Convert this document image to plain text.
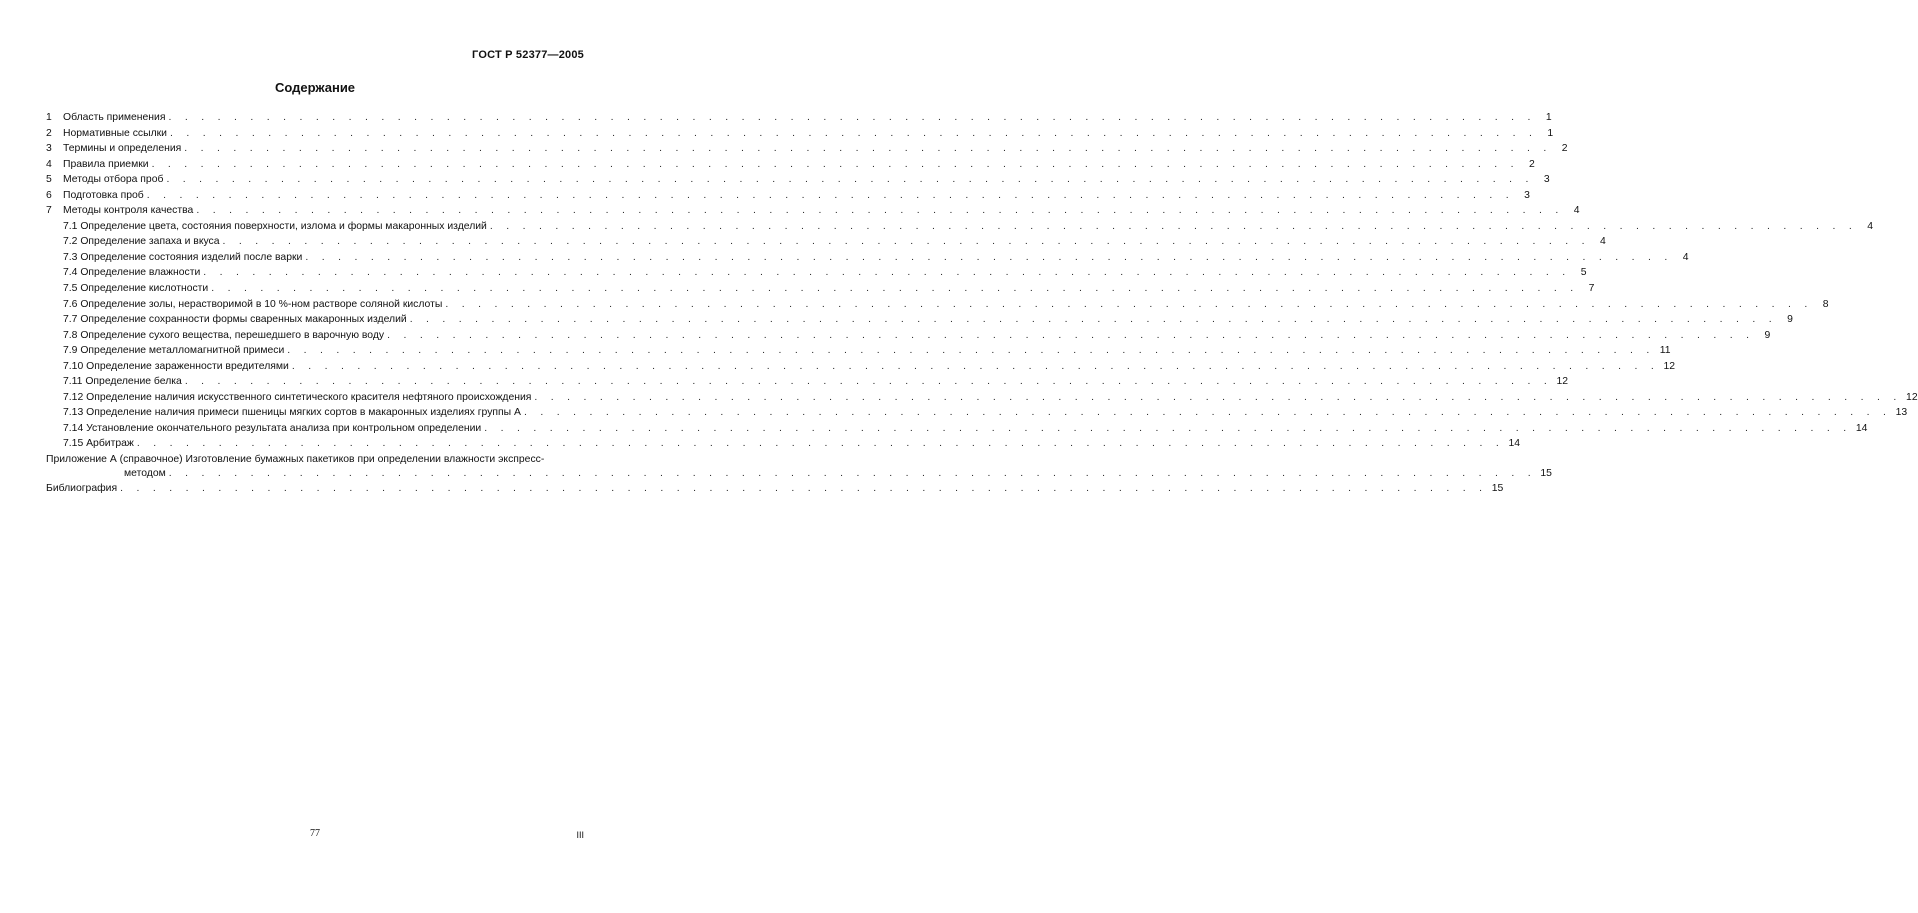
ГОСТ Р 52377—2005
Содержание
1 Область применения . . . . . . . . . . . . . . . . . . . . . . . . . . . . . . . . . . . . . . . . . . . . . . . . . . . . . . . . . . . . . . . . . . . . . . . . . . . . . . . . . . . . 1
2 Нормативные ссылки . . . . . . . . . . . . . . . . . . . . . . . . . . . . . . . . . . . . . . . . . . . . . . . . . . . . . . . . . . . . . . . . . . . . . . . . . . . . . . . . . . . . 1
3 Термины и определения . . . . . . . . . . . . . . . . . . . . . . . . . . . . . . . . . . . . . . . . . . . . . . . . . . . . . . . . . . . . . . . . . . . . . . . . . . . . . . . . . . . . 2
4 Правила приемки . . . . . . . . . . . . . . . . . . . . . . . . . . . . . . . . . . . . . . . . . . . . . . . . . . . . . . . . . . . . . . . . . . . . . . . . . . . . . . . . . . . . 2
5 Методы отбора проб . . . . . . . . . . . . . . . . . . . . . . . . . . . . . . . . . . . . . . . . . . . . . . . . . . . . . . . . . . . . . . . . . . . . . . . . . . . . . . . . . . . . 3
6 Подготовка проб . . . . . . . . . . . . . . . . . . . . . . . . . . . . . . . . . . . . . . . . . . . . . . . . . . . . . . . . . . . . . . . . . . . . . . . . . . . . . . . . . . . . 3
7 Методы контроля качества . . . . . . . . . . . . . . . . . . . . . . . . . . . . . . . . . . . . . . . . . . . . . . . . . . . . . . . . . . . . . . . . . . . . . . . . . . . . . . . . . . . . 4
7.1 Определение цвета, состояния поверхности, излома и формы макаронных изделий . . . . . . . . . . . . . . . . . . . . . . . . . . . . . . . . . . . . . . . . . . . . . . . . . . . . . . . . . . . . . . . . . . . . . . . . . . . . . . . . . . . . 4
7.2 Определение запаха и вкуса . . . . . . . . . . . . . . . . . . . . . . . . . . . . . . . . . . . . . . . . . . . . . . . . . . . . . . . . . . . . . . . . . . . . . . . . . . . . . . . . . . . . 4
7.3 Определение состояния изделий после варки . . . . . . . . . . . . . . . . . . . . . . . . . . . . . . . . . . . . . . . . . . . . . . . . . . . . . . . . . . . . . . . . . . . . . . . . . . . . . . . . . . . . 4
7.4 Определение влажности . . . . . . . . . . . . . . . . . . . . . . . . . . . . . . . . . . . . . . . . . . . . . . . . . . . . . . . . . . . . . . . . . . . . . . . . . . . . . . . . . . . . 5
7.5 Определение кислотности . . . . . . . . . . . . . . . . . . . . . . . . . . . . . . . . . . . . . . . . . . . . . . . . . . . . . . . . . . . . . . . . . . . . . . . . . . . . . . . . . . . . 7
7.6 Определение золы, нерастворимой в 10 %-ном растворе соляной кислоты . . . . . . . . . . . . . . . . . . . . . . . . . . . . . . . . . . . . . . . . . . . . . . . . . . . . . . . . . . . . . . . . . . . . . . . . . . . . . . . . . . . . 8
7.7 Определение сохранности формы сваренных макаронных изделий . . . . . . . . . . . . . . . . . . . . . . . . . . . . . . . . . . . . . . . . . . . . . . . . . . . . . . . . . . . . . . . . . . . . . . . . . . . . . . . . . . . . 9
7.8 Определение сухого вещества, перешедшего в варочную воду . . . . . . . . . . . . . . . . . . . . . . . . . . . . . . . . . . . . . . . . . . . . . . . . . . . . . . . . . . . . . . . . . . . . . . . . . . . . . . . . . . . . 9
7.9 Определение металломагнитной примеси . . . . . . . . . . . . . . . . . . . . . . . . . . . . . . . . . . . . . . . . . . . . . . . . . . . . . . . . . . . . . . . . . . . . . . . . . . . . . . . . . . . . 11
7.10 Определение зараженности вредителями . . . . . . . . . . . . . . . . . . . . . . . . . . . . . . . . . . . . . . . . . . . . . . . . . . . . . . . . . . . . . . . . . . . . . . . . . . . . . . . . . . . . 12
7.11 Определение белка . . . . . . . . . . . . . . . . . . . . . . . . . . . . . . . . . . . . . . . . . . . . . . . . . . . . . . . . . . . . . . . . . . . . . . . . . . . . . . . . . . . . 12
7.12 Определение наличия искусственного синтетического красителя нефтяного происхождения . . . . . . . . . . . . . . . . . . . . . . . . . . . . . . . . . . . . . . . . . . . . . . . . . . . . . . . . . . . . . . . . . . . . . . . . . . . . . . . . . . . . 12
7.13 Определение наличия примеси пшеницы мягких сортов в макаронных изделиях группы А . . . . . . . . . . . . . . . . . . . . . . . . . . . . . . . . . . . . . . . . . . . . . . . . . . . . . . . . . . . . . . . . . . . . . . . . . . . . . . . . . . . . 13
7.14 Установление окончательного результата анализа при контрольном определении . . . . . . . . . . . . . . . . . . . . . . . . . . . . . . . . . . . . . . . . . . . . . . . . . . . . . . . . . . . . . . . . . . . . . . . . . . . . . . . . . . . . 14
7.15 Арбитраж . . . . . . . . . . . . . . . . . . . . . . . . . . . . . . . . . . . . . . . . . . . . . . . . . . . . . . . . . . . . . . . . . . . . . . . . . . . . . . . . . . . . 14
Приложение А (справочное) Изготовление бумажных пакетиков при определении влажности экспресс-
методом . . . . . . . . . . . . . . . . . . . . . . . . . . . . . . . . . . . . . . . . . . . . . . . . . . . . . . . . . . . . . . . . . . . . . . . . . . . . . . . . . . . . 15
Библиография . . . . . . . . . . . . . . . . . . . . . . . . . . . . . . . . . . . . . . . . . . . . . . . . . . . . . . . . . . . . . . . . . . . . . . . . . . . . . . . . . . . . 15
77	III
